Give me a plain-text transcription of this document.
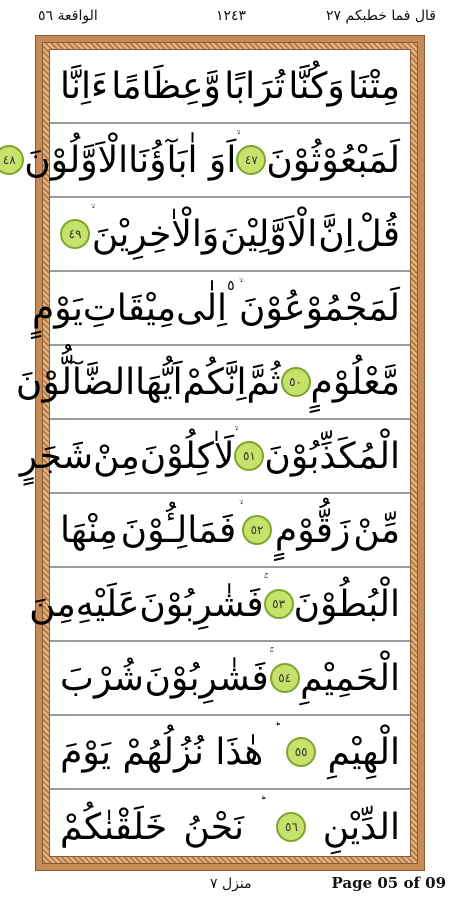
الواقعة ٥٦	١٢٤٣	قال فما خطبكم ٢٧
مِتْنَا
وَكُنَّا
تُرَابًا
وَّعِظَامًا
ءَاِنَّا
لَمَبْعُوْثُوْنَ
٤٧
اَوَ اٰبَآؤُنَا
الْاَوَّلُوْنَ
٤٨
قُلْ
اِنَّ
الْاَوَّلِيْنَ
وَالْاٰخِرِيْنَ
٤٩
لَمَجْمُوْعُوْنَ
ۙ ٥
اِلٰى
مِيْقَاتِ
يَوْمٍ
مَّعْلُوْمٍ
٥٠
ثُمَّ
اِنَّكُمْ
اَيُّهَا
الضَّآلُّوْنَ
الْمُكَذِّبُوْنَ
٥١
لَاٰكِلُوْنَ
مِنْ
شَجَرٍ
مِّنْ
زَقُّوْمٍ
٥٢
فَمَالِـُٔوْنَ
مِنْهَا
الْبُطُوْنَ
٥٣
فَشٰرِبُوْنَ
عَلَيْهِ
مِنَ
الْحَمِيْمِ
٥٤
فَشٰرِبُوْنَ
شُرْبَ
الْهِيْمِ
٥٥
هٰذَا
نُزُلُهُمْ
يَوْمَ
الدِّيْنِ
٥٦
نَحْنُ
خَلَقْنٰكُمْ
منزل ٧	Page 05 of 09
